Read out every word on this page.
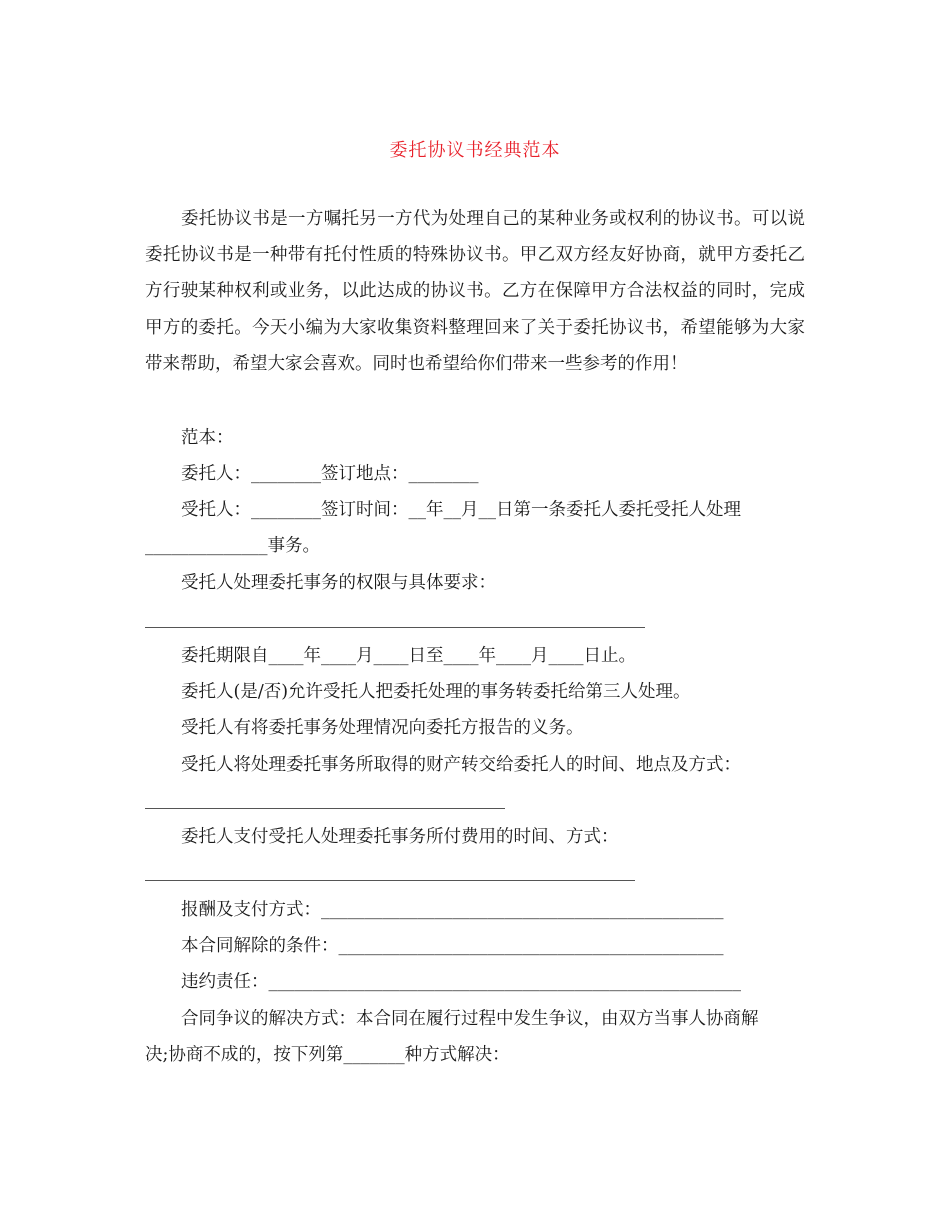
委托协议书经典范本
委托协议书是一方嘱托另一方代为处理自己的某种业务或权利的协议书。可以说委托协议书是一种带有托付性质的特殊协议书。甲乙双方经友好协商，就甲方委托乙方行驶某种权利或业务，以此达成的协议书。乙方在保障甲方合法权益的同时，完成甲方的委托。今天小编为大家收集资料整理回来了关于委托协议书，希望能够为大家带来帮助，希望大家会喜欢。同时也希望给你们带来一些参考的作用！
范本：
委托人：________签订地点：________
受托人：________签订时间：__年__月__日第一条委托人委托受托人处理
______________事务。
受托人处理委托事务的权限与具体要求：
委托期限自____年____月____日至____年____月____日止。
委托人(是/否)允许受托人把委托处理的事务转委托给第三人处理。
受托人有将委托事务处理情况向委托方报告的义务。
受托人将处理委托事务所取得的财产转交给委托人的时间、地点及方式：
委托人支付受托人处理委托事务所付费用的时间、方式：
报酬及支付方式：______________________________________________
本合同解除的条件：____________________________________________
违约责任：______________________________________________________
合同争议的解决方式：本合同在履行过程中发生争议，由双方当事人协商解
决;协商不成的，按下列第_______种方式解决：
